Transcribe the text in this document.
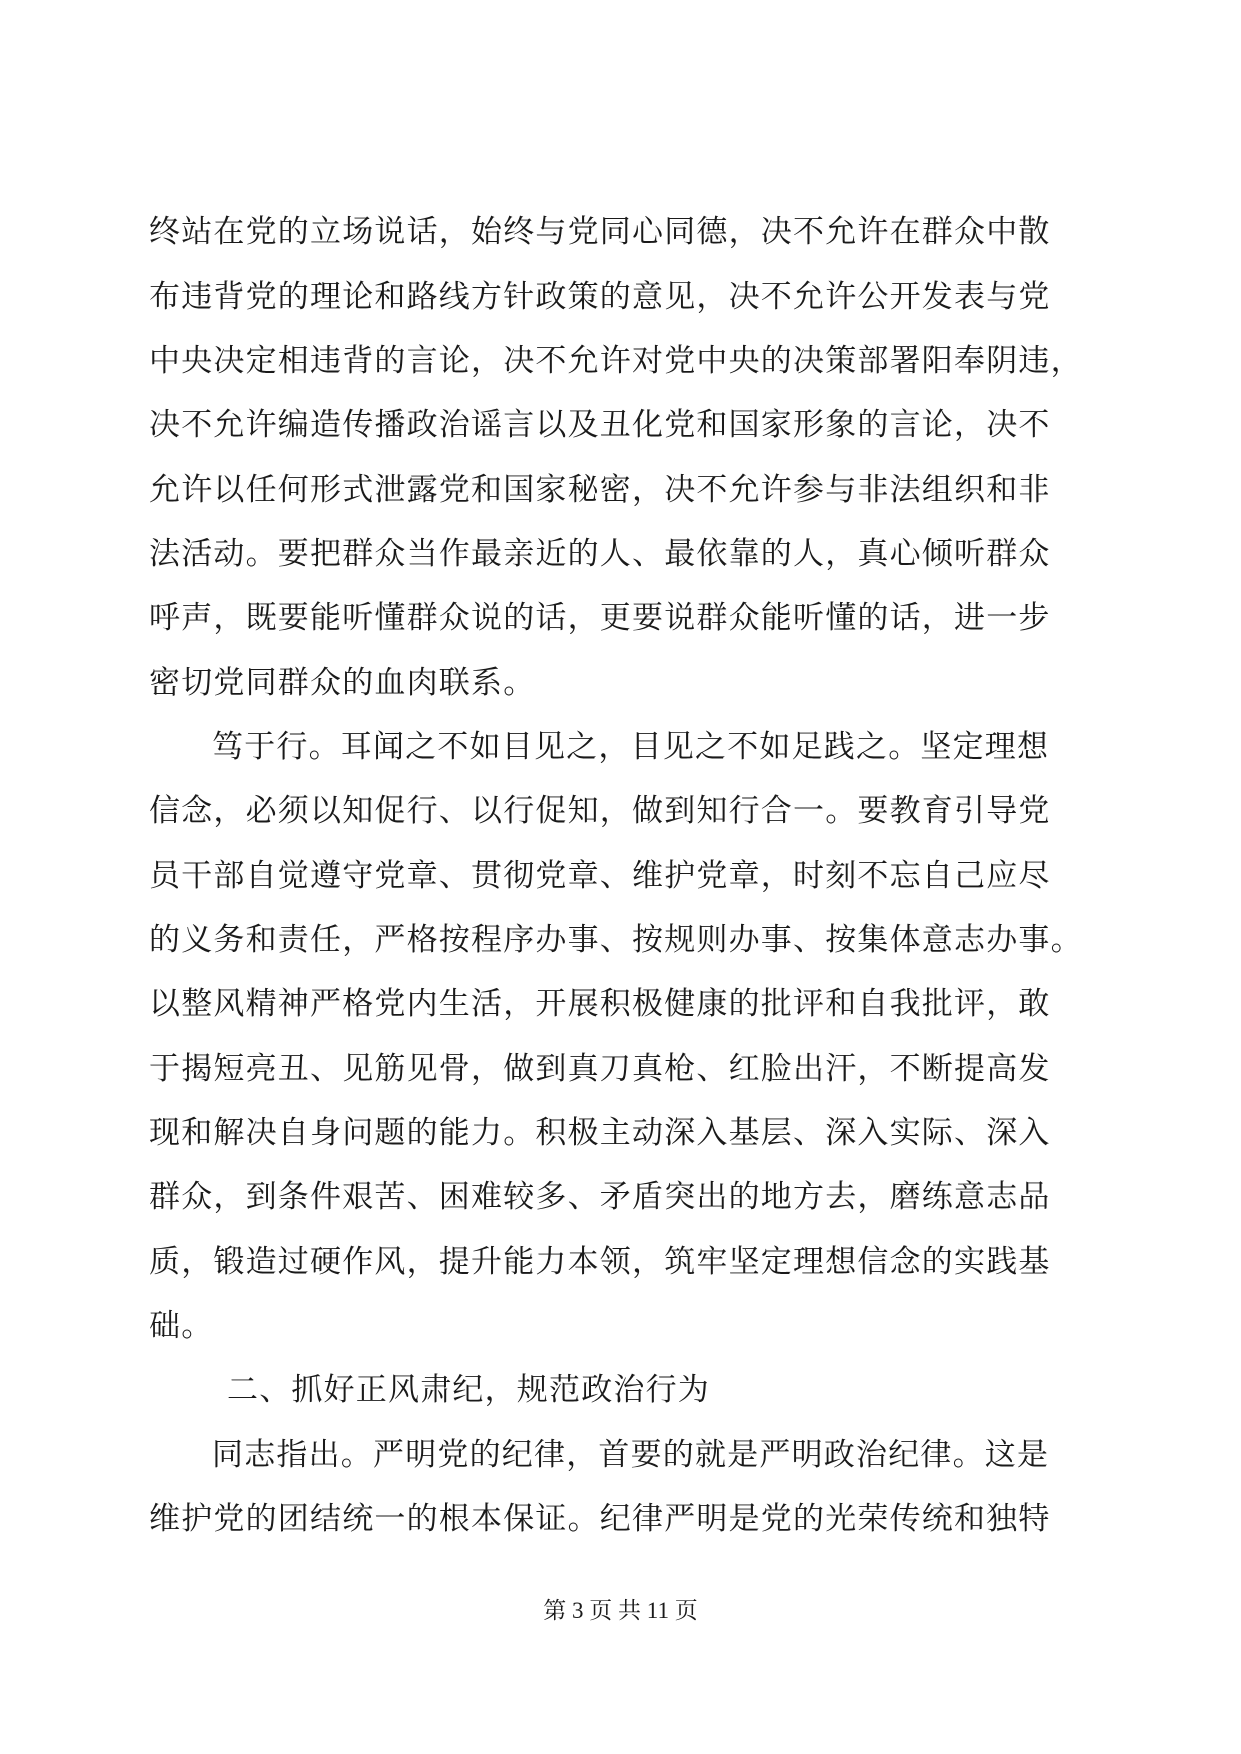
终站在党的立场说话，始终与党同心同德，决不允许在群众中散
布违背党的理论和路线方针政策的意见，决不允许公开发表与党
中央决定相违背的言论，决不允许对党中央的决策部署阳奉阴违，
决不允许编造传播政治谣言以及丑化党和国家形象的言论，决不
允许以任何形式泄露党和国家秘密，决不允许参与非法组织和非
法活动。要把群众当作最亲近的人、最依靠的人，真心倾听群众
呼声，既要能听懂群众说的话，更要说群众能听懂的话，进一步
密切党同群众的血肉联系。
笃于行。耳闻之不如目见之，目见之不如足践之。坚定理想
信念，必须以知促行、以行促知，做到知行合一。要教育引导党
员干部自觉遵守党章、贯彻党章、维护党章，时刻不忘自己应尽
的义务和责任，严格按程序办事、按规则办事、按集体意志办事。
以整风精神严格党内生活，开展积极健康的批评和自我批评，敢
于揭短亮丑、见筋见骨，做到真刀真枪、红脸出汗，不断提高发
现和解决自身问题的能力。积极主动深入基层、深入实际、深入
群众，到条件艰苦、困难较多、矛盾突出的地方去，磨练意志品
质，锻造过硬作风，提升能力本领，筑牢坚定理想信念的实践基
础。
二、抓好正风肃纪，规范政治行为
同志指出。严明党的纪律，首要的就是严明政治纪律。这是
维护党的团结统一的根本保证。纪律严明是党的光荣传统和独特
第 3 页 共 11 页
